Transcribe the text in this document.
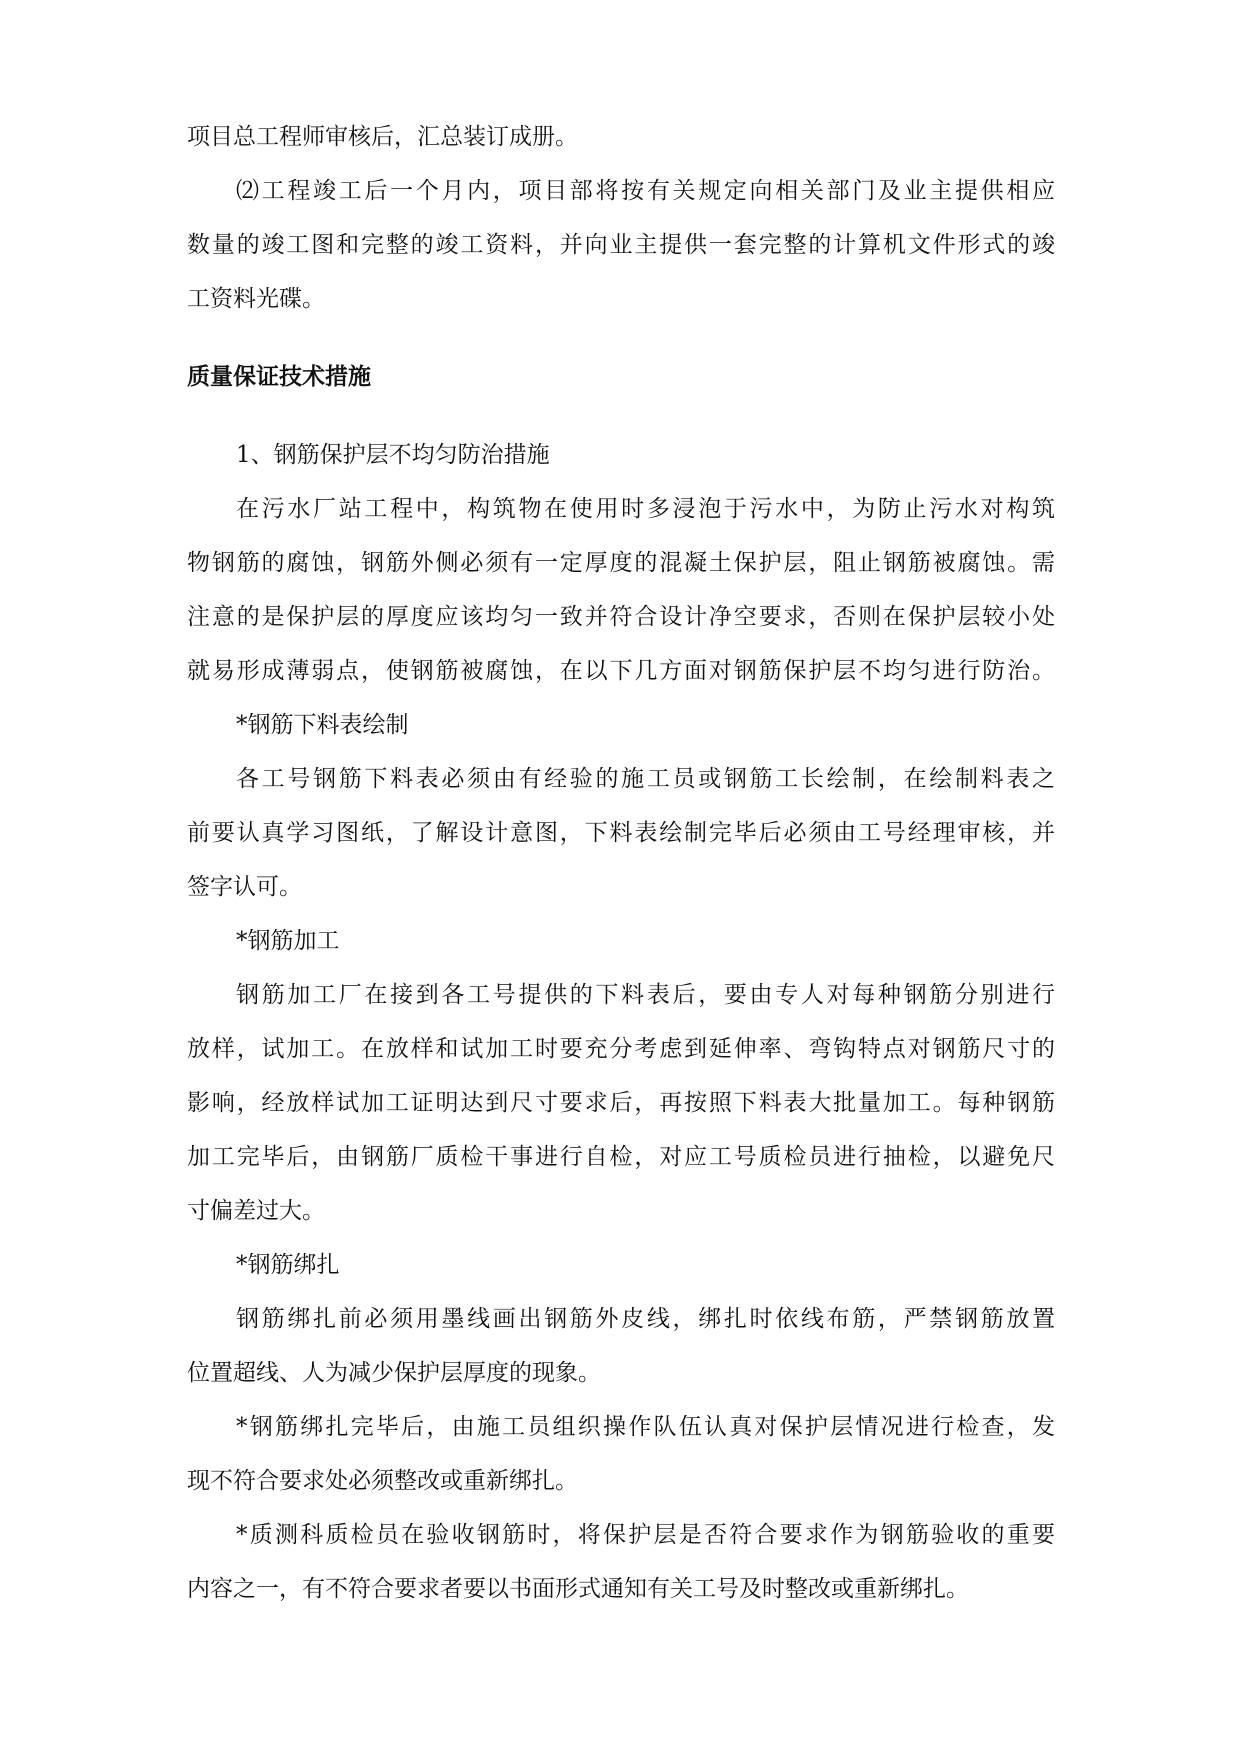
项目总工程师审核后，汇总装订成册。
⑵工程竣工后一个月内，项目部将按有关规定向相关部门及业主提供相应
数量的竣工图和完整的竣工资料，并向业主提供一套完整的计算机文件形式的竣
工资料光碟。
质量保证技术措施
1、钢筋保护层不均匀防治措施
在污水厂站工程中，构筑物在使用时多浸泡于污水中，为防止污水对构筑
物钢筋的腐蚀，钢筋外侧必须有一定厚度的混凝土保护层，阻止钢筋被腐蚀。需
注意的是保护层的厚度应该均匀一致并符合设计净空要求，否则在保护层较小处
就易形成薄弱点，使钢筋被腐蚀，在以下几方面对钢筋保护层不均匀进行防治。
*钢筋下料表绘制
各工号钢筋下料表必须由有经验的施工员或钢筋工长绘制，在绘制料表之
前要认真学习图纸，了解设计意图，下料表绘制完毕后必须由工号经理审核，并
签字认可。
*钢筋加工
钢筋加工厂在接到各工号提供的下料表后，要由专人对每种钢筋分别进行
放样，试加工。在放样和试加工时要充分考虑到延伸率、弯钩特点对钢筋尺寸的
影响，经放样试加工证明达到尺寸要求后，再按照下料表大批量加工。每种钢筋
加工完毕后，由钢筋厂质检干事进行自检，对应工号质检员进行抽检，以避免尺
寸偏差过大。
*钢筋绑扎
钢筋绑扎前必须用墨线画出钢筋外皮线，绑扎时依线布筋，严禁钢筋放置
位置超线、人为减少保护层厚度的现象。
*钢筋绑扎完毕后，由施工员组织操作队伍认真对保护层情况进行检查，发
现不符合要求处必须整改或重新绑扎。
*质测科质检员在验收钢筋时，将保护层是否符合要求作为钢筋验收的重要
内容之一，有不符合要求者要以书面形式通知有关工号及时整改或重新绑扎。
